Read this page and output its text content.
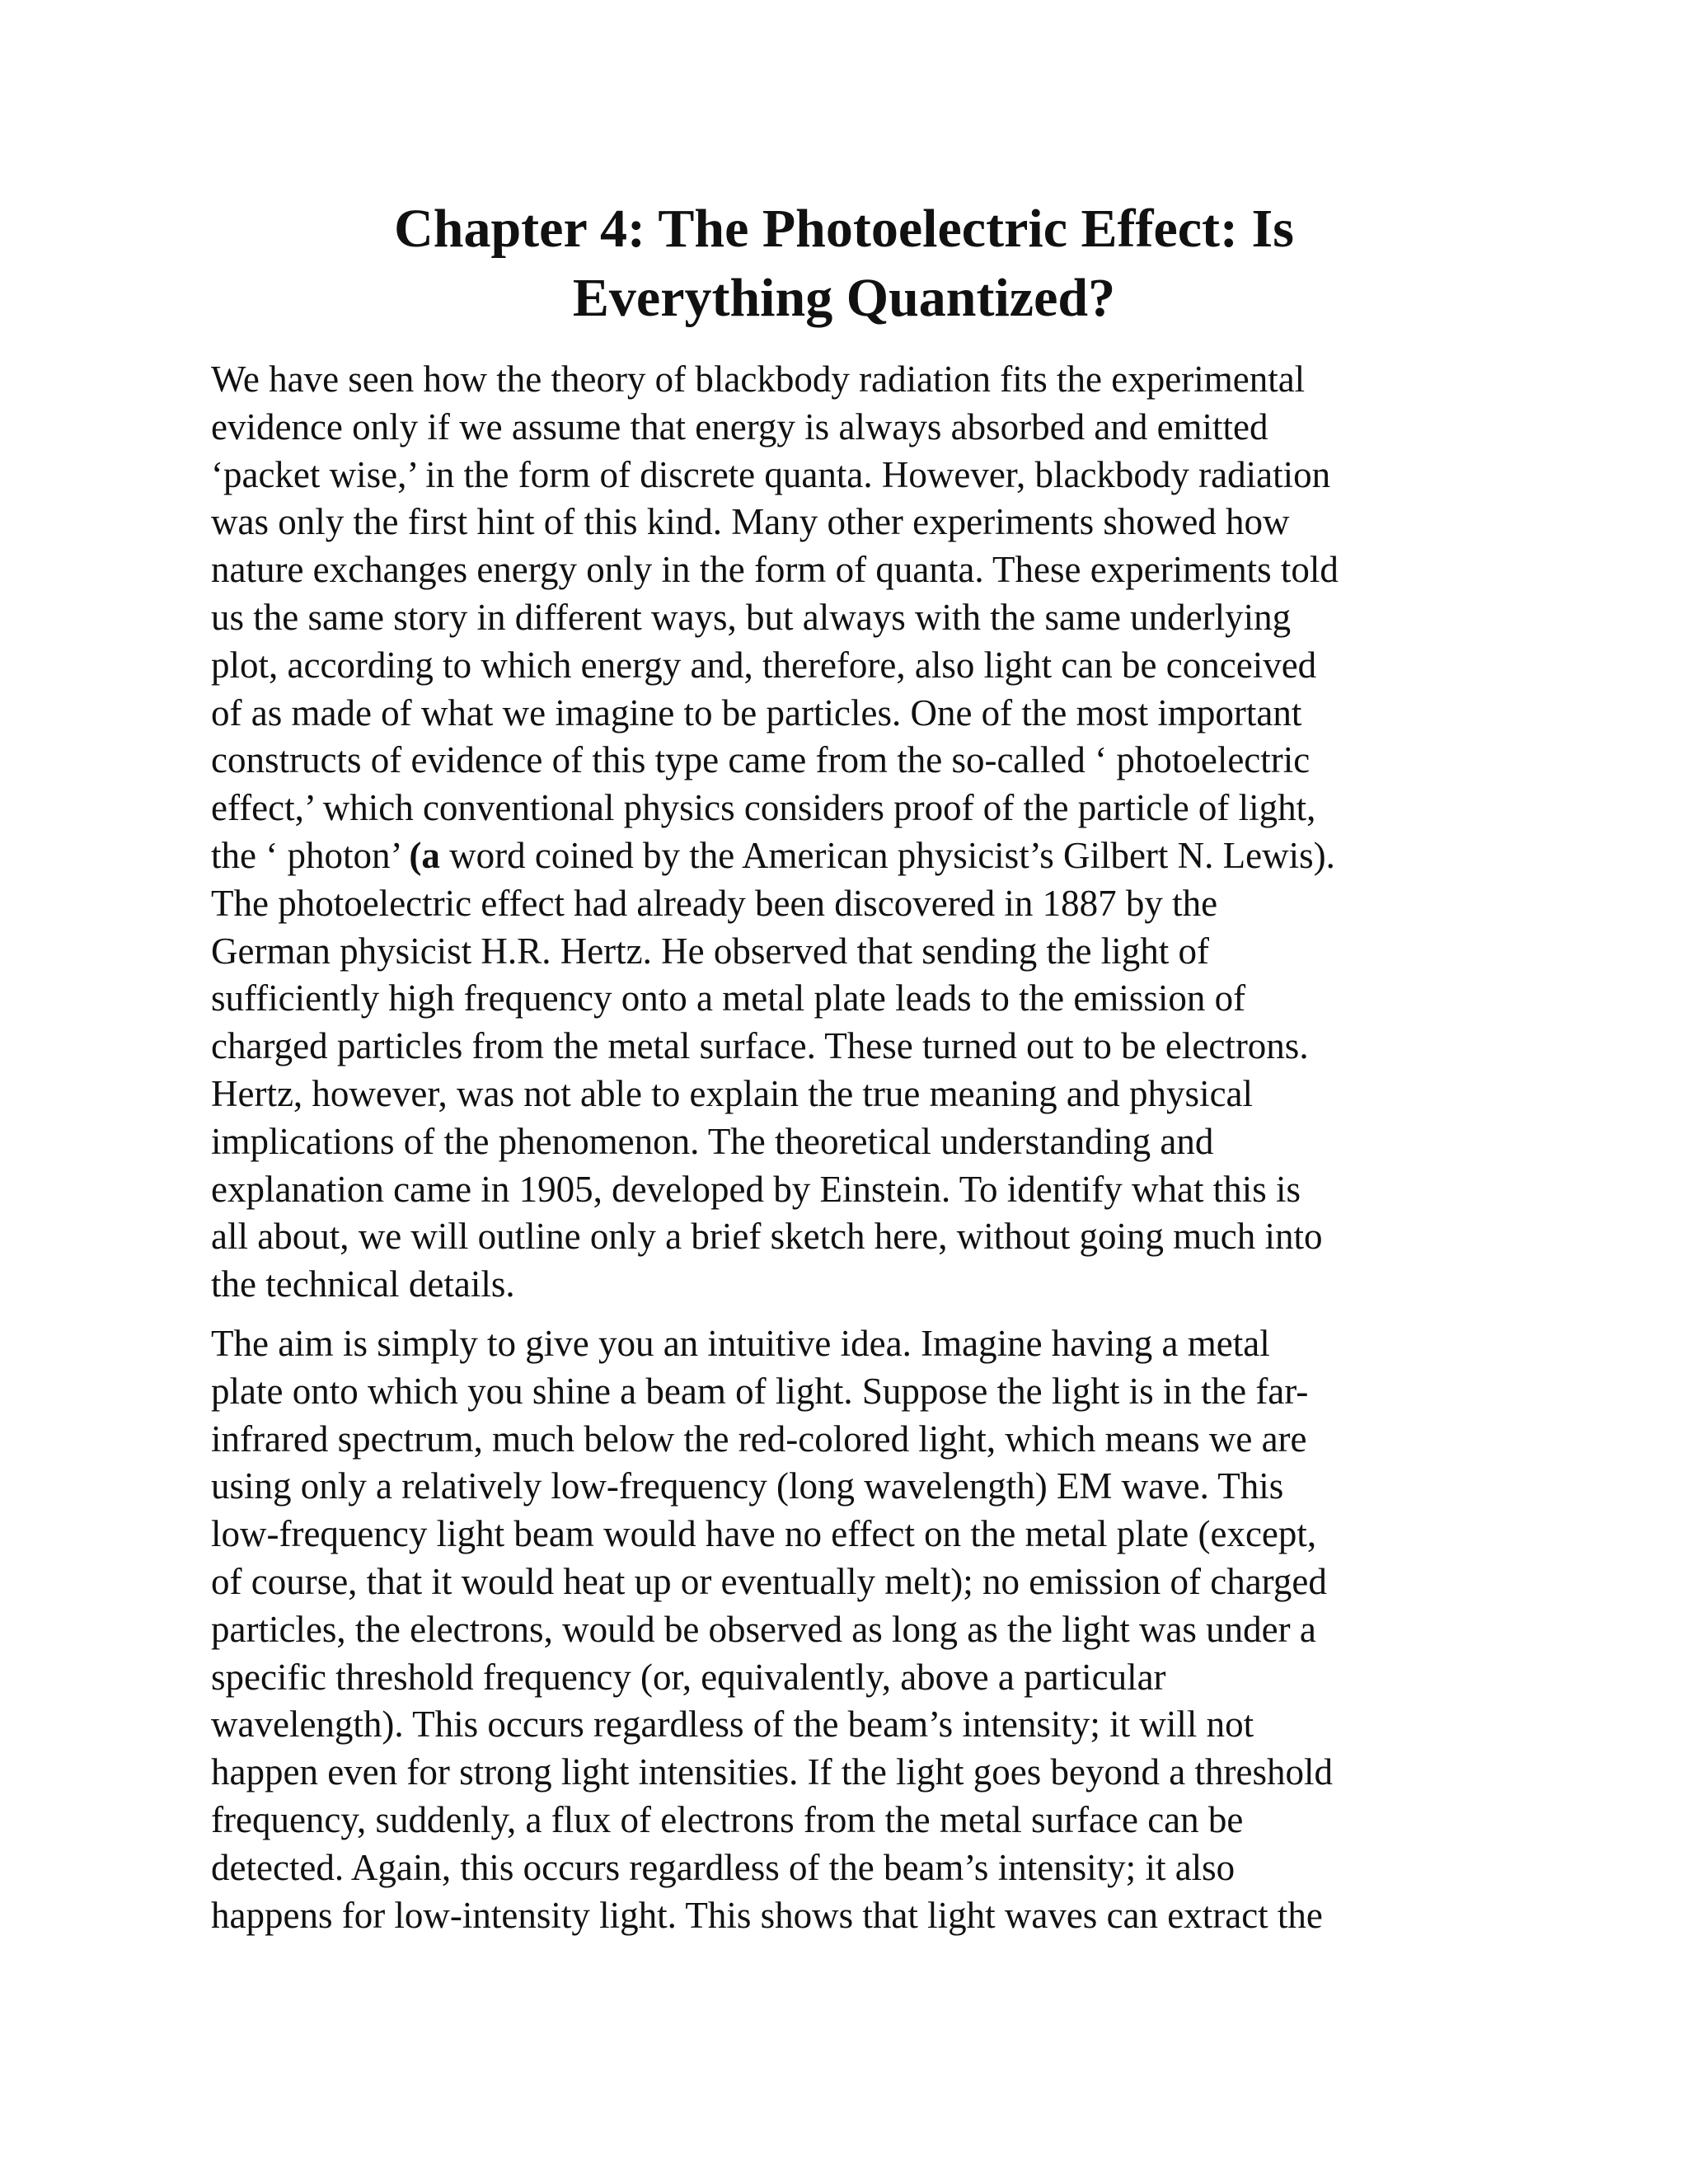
Chapter 4: The Photoelectric Effect: Is
Everything Quantized?

We have seen how the theory of blackbody radiation fits the experimental
evidence only if we assume that energy is always absorbed and emitted
‘packet wise,’ in the form of discrete quanta. However, blackbody radiation
was only the first hint of this kind. Many other experiments showed how
nature exchanges energy only in the form of quanta. These experiments told
us the same story in different ways, but always with the same underlying
plot, according to which energy and, therefore, also light can be conceived
of as made of what we imagine to be particles. One of the most important
constructs of evidence of this type came from the so-called ‘ photoelectric
effect,’ which conventional physics considers proof of the particle of light,
the ‘ photon’ (a word coined by the American physicist’s Gilbert N. Lewis).
The photoelectric effect had already been discovered in 1887 by the
German physicist H.R. Hertz. He observed that sending the light of
sufficiently high frequency onto a metal plate leads to the emission of
charged particles from the metal surface. These turned out to be electrons.
Hertz, however, was not able to explain the true meaning and physical
implications of the phenomenon. The theoretical understanding and
explanation came in 1905, developed by Einstein. To identify what this is
all about, we will outline only a brief sketch here, without going much into
the technical details.

The aim is simply to give you an intuitive idea. Imagine having a metal
plate onto which you shine a beam of light. Suppose the light is in the far-
infrared spectrum, much below the red-colored light, which means we are
using only a relatively low-frequency (long wavelength) EM wave. This
low-frequency light beam would have no effect on the metal plate (except,
of course, that it would heat up or eventually melt); no emission of charged
particles, the electrons, would be observed as long as the light was under a
specific threshold frequency (or, equivalently, above a particular
wavelength). This occurs regardless of the beam’s intensity; it will not
happen even for strong light intensities. If the light goes beyond a threshold
frequency, suddenly, a flux of electrons from the metal surface can be
detected. Again, this occurs regardless of the beam’s intensity; it also
happens for low-intensity light. This shows that light waves can extract the
